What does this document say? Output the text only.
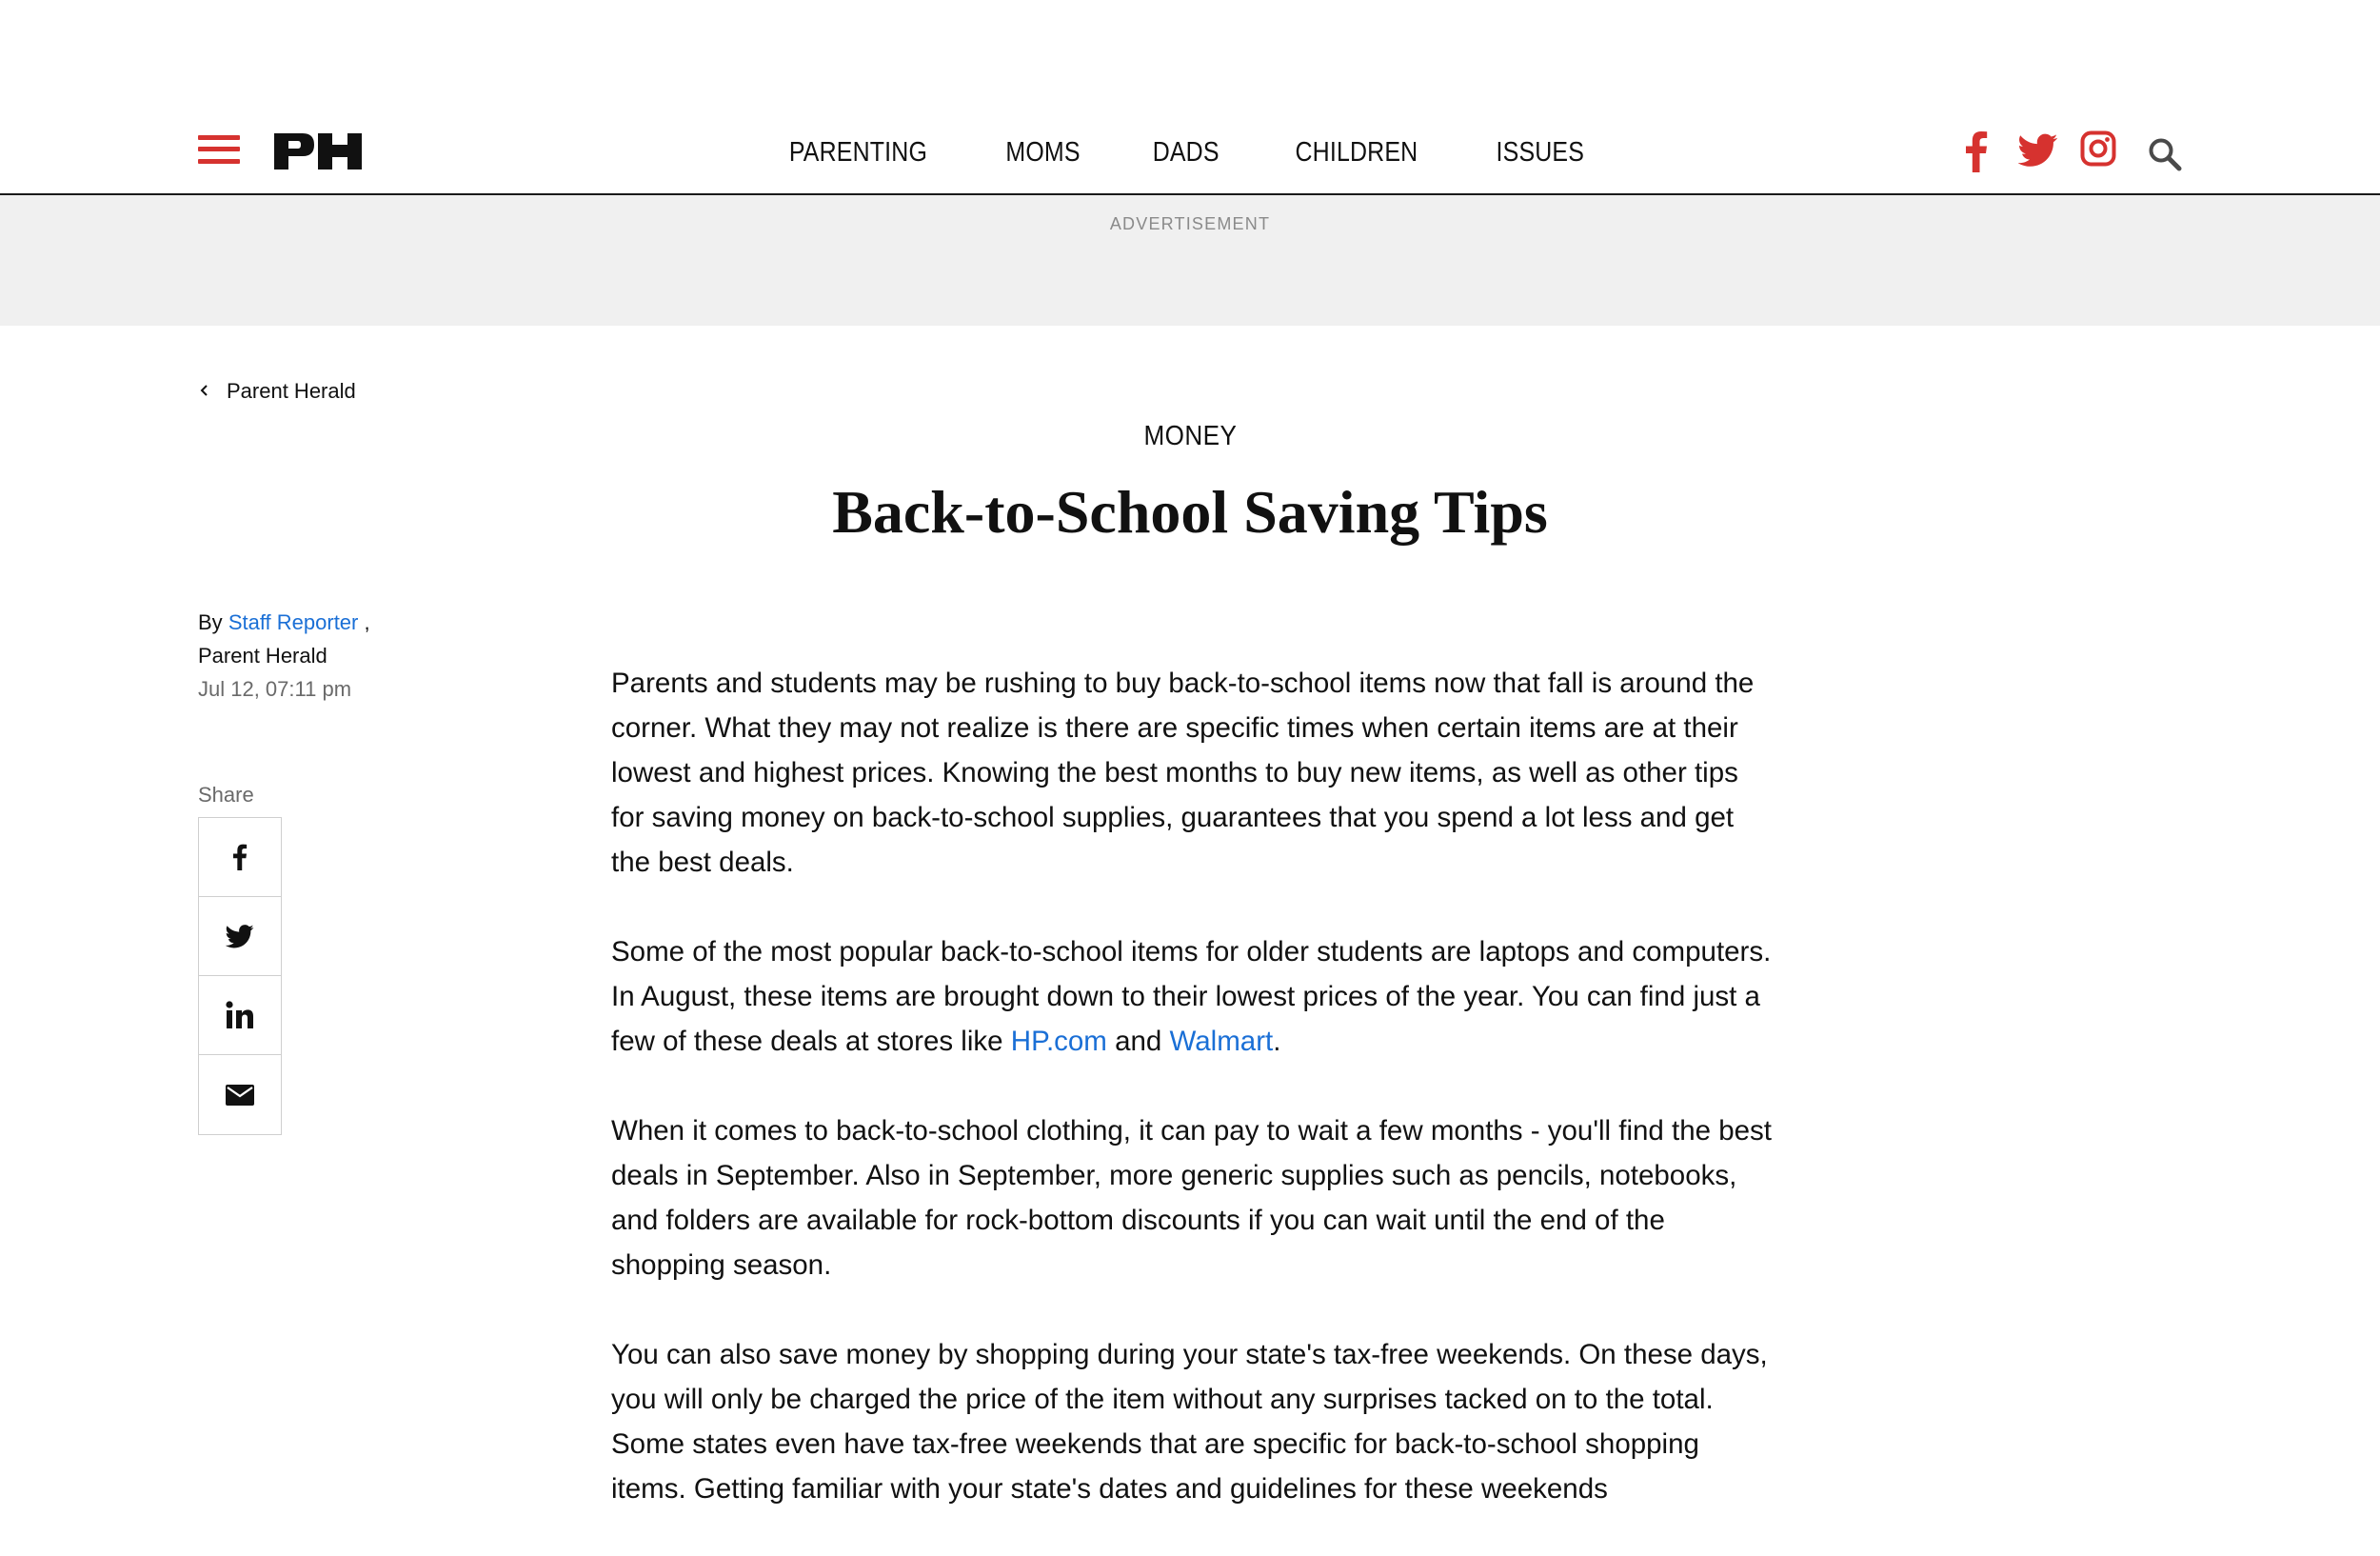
PARENTING	MOMS	DADS	CHILDREN	ISSUES
ADVERTISEMENT
Parent Herald
MONEY
Back-to-School Saving Tips
By Staff Reporter ,
Parent Herald
Jul 12, 07:11 pm
Share

Parents and students may be rushing to buy back-to-school items now that fall is around the corner. What they may not realize is there are specific times when certain items are at their lowest and highest prices. Knowing the best months to buy new items, as well as other tips for saving money on back-to-school supplies, guarantees that you spend a lot less and get the best deals.

Some of the most popular back-to-school items for older students are laptops and computers. In August, these items are brought down to their lowest prices of the year. You can find just a few of these deals at stores like HP.com and Walmart.

When it comes to back-to-school clothing, it can pay to wait a few months - you'll find the best deals in September. Also in September, more generic supplies such as pencils, notebooks, and folders are available for rock-bottom discounts if you can wait until the end of the shopping season.

You can also save money by shopping during your state's tax-free weekends. On these days, you will only be charged the price of the item without any surprises tacked on to the total. Some states even have tax-free weekends that are specific for back-to-school shopping items. Getting familiar with your state's dates and guidelines for these weekends
